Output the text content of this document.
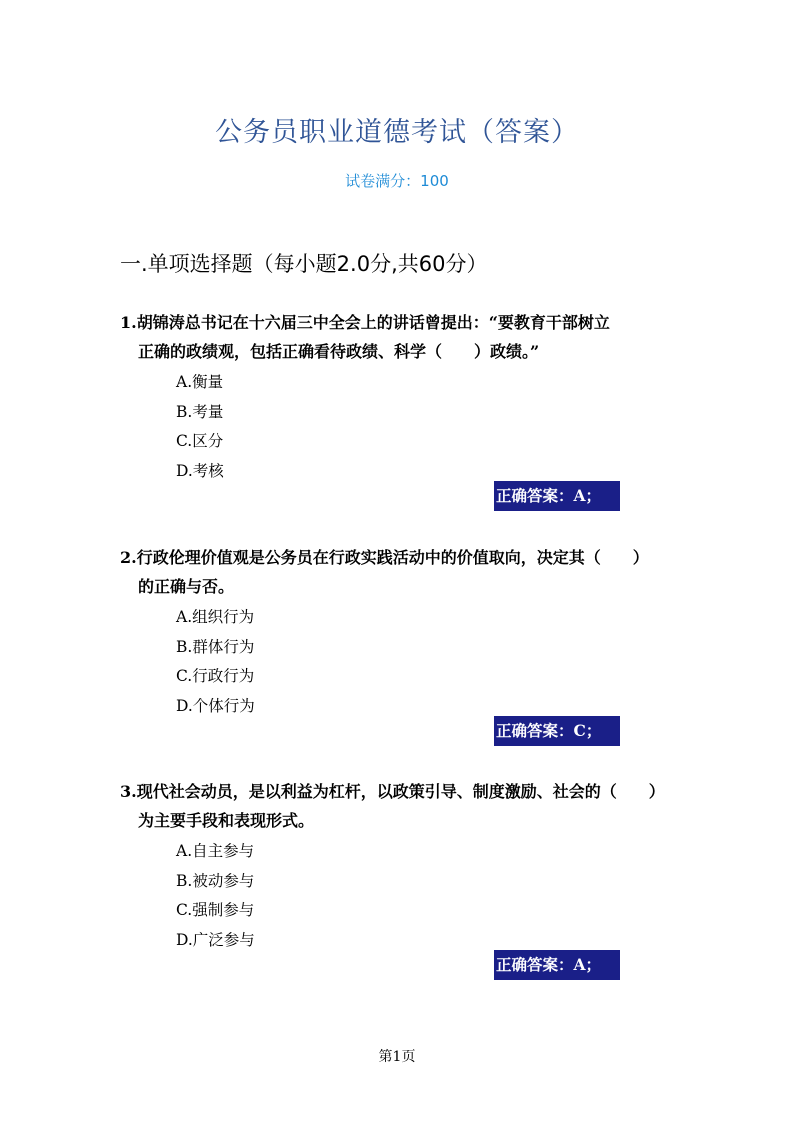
公务员职业道德考试（答案）
试卷满分：100
一.单项选择题（每小题2.0分,共60分）
1.胡锦涛总书记在十六届三中全会上的讲话曾提出：“要教育干部树立
正确的政绩观，包括正确看待政绩、科学（　　）政绩。”
A.衡量
B.考量
C.区分
D.考核
正确答案：A；
2.行政伦理价值观是公务员在行政实践活动中的价值取向，决定其（　　）
的正确与否。
A.组织行为
B.群体行为
C.行政行为
D.个体行为
正确答案：C；
3.现代社会动员，是以利益为杠杆，以政策引导、制度激励、社会的（　　）
为主要手段和表现形式。
A.自主参与
B.被动参与
C.强制参与
D.广泛参与
正确答案：A；
第1页
